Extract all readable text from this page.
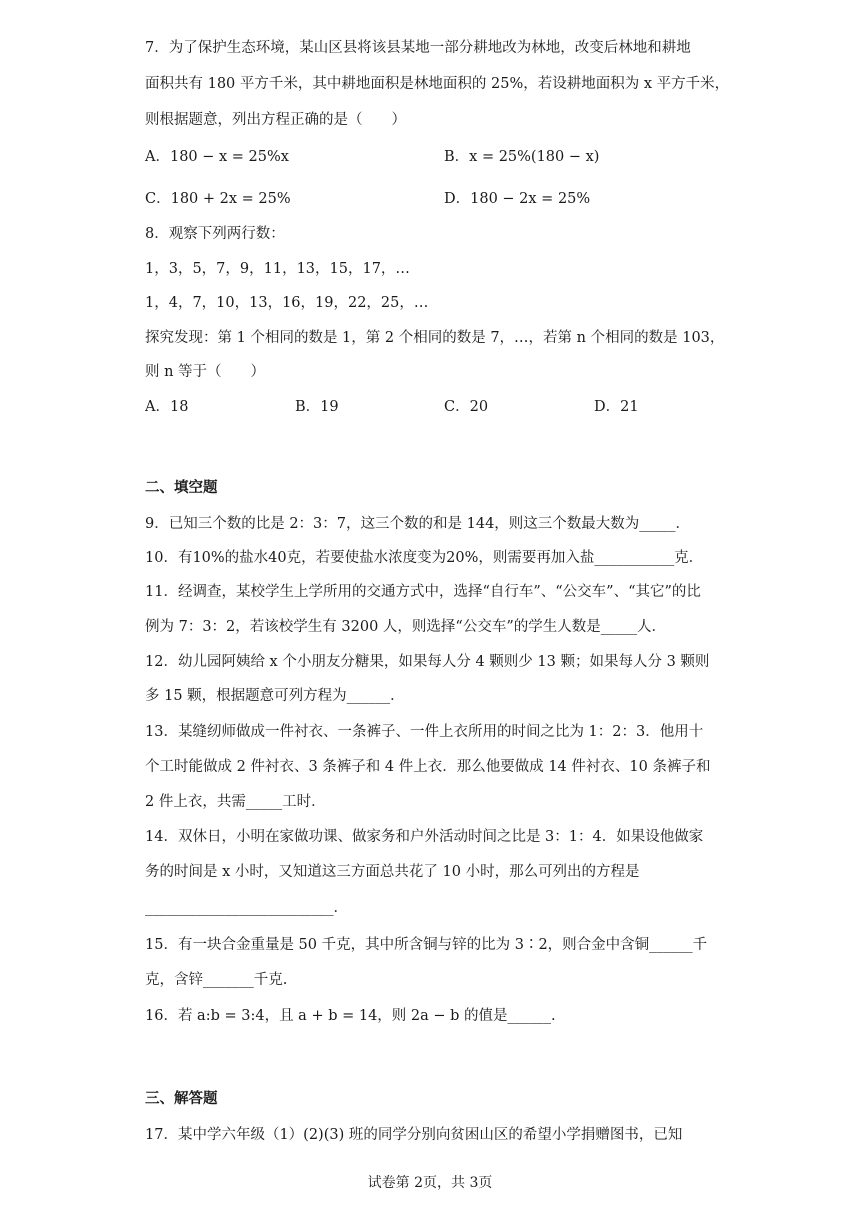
7．为了保护生态环境，某山区县将该县某地一部分耕地改为林地，改变后林地和耕地
面积共有 180 平方千米，其中耕地面积是林地面积的 25%，若设耕地面积为 x 平方千米，
则根据题意，列出方程正确的是（　　）
A．180 − x = 25%x	B．x = 25%(180 − x)
C．180 + 2x = 25%	D．180 − 2x = 25%
8．观察下列两行数：
1，3，5，7，9，11，13，15，17，…
1，4，7，10，13，16，19，22，25，…
探究发现：第 1 个相同的数是 1，第 2 个相同的数是 7，…，若第 n 个相同的数是 103，
则 n 等于（　　）
A．18	B．19	C．20	D．21
二、填空题
9．已知三个数的比是 2：3：7，这三个数的和是 144，则这三个数最大数为_____．
10．有10%的盐水40克，若要使盐水浓度变为20%，则需要再加入盐___________克．
11．经调查，某校学生上学所用的交通方式中，选择“自行车”、“公交车”、“其它”的比
例为 7：3：2，若该校学生有 3200 人，则选择“公交车”的学生人数是_____人．
12．幼儿园阿姨给 x 个小朋友分糖果，如果每人分 4 颗则少 13 颗；如果每人分 3 颗则
多 15 颗，根据题意可列方程为______．
13．某缝纫师做成一件衬衣、一条裤子、一件上衣所用的时间之比为 1：2：3．他用十
个工时能做成 2 件衬衣、3 条裤子和 4 件上衣．那么他要做成 14 件衬衣、10 条裤子和
2 件上衣，共需_____工时．
14．双休日，小明在家做功课、做家务和户外活动时间之比是 3：1：4．如果设他做家
务的时间是 x 小时，又知道这三方面总共花了 10 小时，那么可列出的方程是
__________________________．
15．有一块合金重量是 50 千克，其中所含铜与锌的比为 3∶2，则合金中含铜______千
克，含锌_______千克.
16．若 a:b = 3:4，且 a + b = 14，则 2a − b 的值是______.
三、解答题
17．某中学六年级（1）(2)(3) 班的同学分别向贫困山区的希望小学捐赠图书，已知
试卷第 2页，共 3页
